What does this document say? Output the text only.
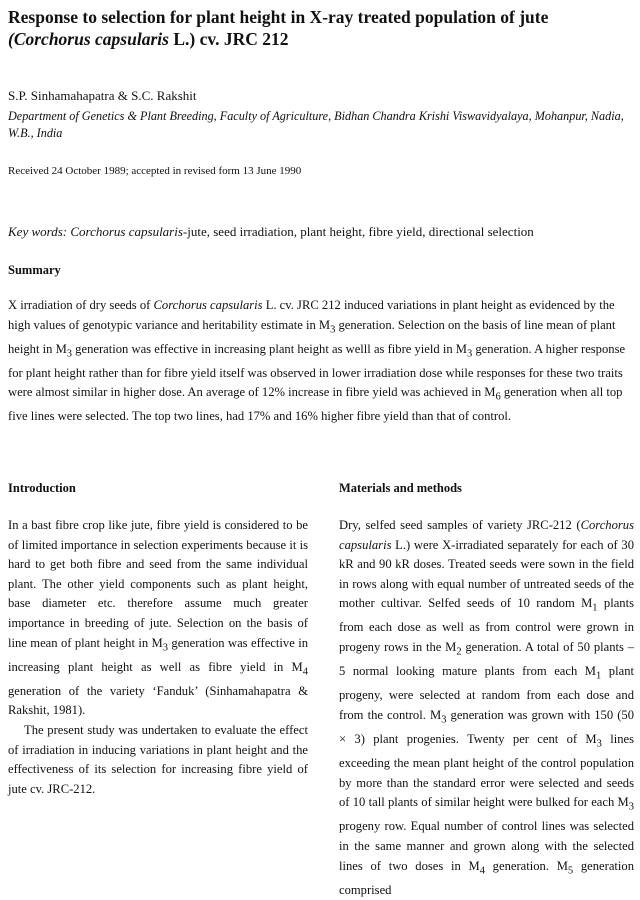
Response to selection for plant height in X-ray treated population of jute
(Corchorus capsularis L.) cv. JRC 212
S.P. Sinhamahapatra & S.C. Rakshit
Department of Genetics & Plant Breeding, Faculty of Agriculture, Bidhan Chandra Krishi Viswavidyalaya, Mohanpur, Nadia, W.B., India
Received 24 October 1989; accepted in revised form 13 June 1990
Key words: Corchorus capsularis-jute, seed irradiation, plant height, fibre yield, directional selection
Summary
X irradiation of dry seeds of Corchorus capsularis L. cv. JRC 212 induced variations in plant height as evidenced by the high values of genotypic variance and heritability estimate in $M_3$ generation. Selection on the basis of line mean of plant height in $M_3$ generation was effective in increasing plant height as welll as fibre yield in $M_3$ generation. A higher response for plant height rather than for fibre yield itself was observed in lower irradiation dose while responses for these two traits were almost similar in higher dose. An average of 12% increase in fibre yield was achieved in $M_6$ generation when all top five lines were selected. The top two lines, had 17% and 16% higher fibre yield than that of control.
Introduction	Materials and methods

In a bast fibre crop like jute, fibre yield is considered to be of limited importance in selection experiments because it is hard to get both fibre and seed from the same individual plant. The other yield components such as plant height, base diameter etc. therefore assume much greater importance in breeding of jute. Selection on the basis of line mean of plant height in $M_3$ generation was effective in increasing plant height as well as fibre yield in $M_4$ generation of the variety ‘Fanduk’ (Sinhamahapatra & Rakshit, 1981).

The present study was undertaken to evaluate the effect of irradiation in inducing variations in plant height and the effectiveness of its selection for increasing fibre yield of jute cv. JRC-212.

Dry, selfed seed samples of variety JRC-212 (Corchorus capsularis L.) were X-irradiated separately for each of 30 kR and 90 kR doses. Treated seeds were sown in the field in rows along with equal number of untreated seeds of the mother cultivar. Selfed seeds of 10 random $M_1$ plants from each dose as well as from control were grown in progeny rows in the $M_2$ generation. A total of 50 plants – 5 normal looking mature plants from each $M_1$ plant progeny, were selected at random from each dose and from the control. $M_3$ generation was grown with 150 (50 × 3) plant progenies. Twenty per cent of $M_3$ lines exceeding the mean plant height of the control population by more than the standard error were selected and seeds of 10 tall plants of similar height were bulked for each $M_3$ progeny row. Equal number of control lines was selected in the same manner and grown along with the selected lines of two doses in $M_4$ generation. $M_5$ generation comprised
